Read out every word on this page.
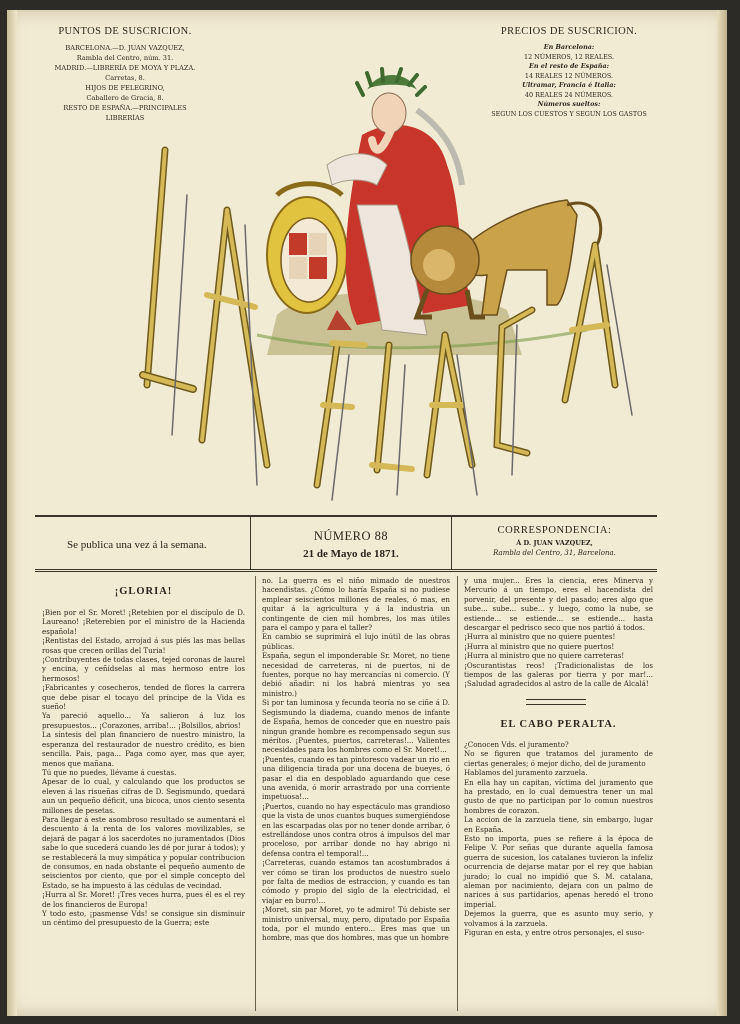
PUNTOS DE SUSCRICION.
BARCELONA.—D. JUAN VAZQUEZ,
Rambla del Centro, núm. 31.
MADRID.—LIBRERÍA DE MOYA Y PLAZA.
Carretas, 8.
HIJOS DE FELEGRINO,
Caballero de Gracia, 8.
RESTO DE ESPAÑA.—PRINCIPALES
LIBRERÍAS
PRECIOS DE SUSCRICION.
En Barcelona:
12 NÚMEROS, 12 REALES.
En el resto de España:
14 REALES 12 NÚMEROS.
Ultramar, Francia é Italia:
40 REALES 24 NÚMEROS.
Números sueltos:
SEGUN LOS CUESTOS Y SEGUN LOS GASTOS
LA FLACA
Se publica una vez á la semana.
NÚMERO 88
21 de Mayo de 1871.
CORRESPONDENCIA:
Á D. JUAN VAZQUEZ,
Rambla del Centro, 31, Barcelona.
¡GLORIA!

¡Bien por el Sr. Moret! ¡Retebien por el discípulo de D. Laureano! ¡Reterebien por el ministro de la Hacienda española!

¡Rentistas del Estado, arrojad á sus piés las mas bellas rosas que crecen orillas del Turia!

¡Contribuyentes de todas clases, tejed coronas de laurel y encina, y ceñídselas al mas hermoso entre los hermosos!

¡Fabricantes y cosecheros, tended de flores la carrera que debe pisar el tocayo del príncipe de la Vida es sueño!

Ya pareció aquello... Ya salieron á luz los presupuestos... ¡Corazones, arriba!... ¡Bolsillos, abrios!

La síntesis del plan financiero de nuestro ministro, la esperanza del restaurador de nuestro crédito, es bien sencilla. Pais, paga... Paga como ayer, mas que ayer, menos que mañana.

Tú que no puedes, llévame á cuestas.

Apesar de lo cual, y calculando que los productos se eleven á las risueñas cifras de D. Segismundo, quedará aun un pequeño déficit, una bicoca, unos ciento sesenta millones de pesetas.

Para llegar á este asombroso resultado se aumentará el descuento á la renta de los valores movilizables, se dejará de pagar á los sacerdotes no juramentados (Dios sabe lo que sucederá cuando les dé por jurar á todos); y se restablecerá la muy simpática y popular contribucion de consumos, en nada obstante el pequeño aumento de seiscientos por ciento, que por el simple concepto del Estado, se ha impuesto á las cédulas de vecindad.

¡Hurra al Sr. Moret! ¡Tres veces hurra, pues él es el rey de los financieros de Europa!

Y todo esto, ¡pasmense Vds! se consigue sin disminuir un céntimo del presupuesto de la Guerra; este

no. La guerra es el niño mimado de nuestros hacendistas. ¿Cómo lo haría España si no pudiese emplear seiscientos millones de reales, ó mas, en quitar á la agricultura y á la industria un contingente de cien mil hombres, los mas útiles para el campo y para el taller?

En cambio se suprimirá el lujo inútil de las obras públicas.

España, segun el imponderable Sr. Moret, no tiene necesidad de carreteras, ni de puertos, ni de fuentes, porque no hay mercancías ni comercio. (Y debió añadir: ni los habrá mientras yo sea ministro.)

Si por tan luminosa y fecunda teoría no se ciñe á D. Segismundo la diadema, cuando menos de infante de España, hemos de conceder que en nuestro país ningun grande hombre es recompensado segun sus méritos. ¡Puentes, puertos, carreteras!... Valientes necesidades para los hombres como el Sr. Moret!...

¡Puentes, cuando es tan pintoresco vadear un rio en una diligencia tirada por una docena de bueyes, ó pasar el dia en despoblado aguardando que cese una avenida, ó morir arrastrado por una corriente impetuosa!...

¡Puertos, cuando no hay espectáculo mas grandioso que la vista de unos cuantos buques sumergiéndose en las escarpadas olas por no tener donde arribar, ó estrellándose unos contra otros á impulsos del mar proceloso, por arribar donde no hay abrigo ni defensa contra el temporal!...

¡Carreteras, cuando estamos tan acostumbrados á ver cómo se tiran los productos de nuestro suelo por falta de medios de estraccion, y cuando es tan cómodo y propio del siglo de la electricidad, el viajar en burro!...

¡Moret, sin par Moret, yo te admiro! Tú debiste ser ministro universal, muy, pero, diputado por España toda, por el mundo entero... Eres mas que un hombre, mas que dos hombres, mas que un hombre

y una mujer... Eres la ciencia, eres Minerva y Mercurio á un tiempo, eres el hacendista del porvenir, del presente y del pasado; eres algo que sube... sube... sube... y luego, como la nube, se estiende... se estiende... se estiende... hasta descargar el pedrisco seco que nos partió á todos.

¡Hurra al ministro que no quiere puentes!

¡Hurra al ministro que no quiere puertos!

¡Hurra al ministro que no quiere carreteras!

¡Oscurantistas reos! ¡Tradicionalistas de los tiempos de las galeras por tierra y por mar!... ¡Saludad agradecidos al astro de la calle de Alcalá!

EL CABO PERALTA.

¿Conocen Vds. el juramento?

No se figuren que tratamos del juramento de ciertas generales; ó mejor dicho, del de juramento

Hablamos del juramento zarzuela.

En ella hay un capitan, víctima del juramento que ha prestado, en lo cual demuestra tener un mal gusto de que no participan por lo comun nuestros hombres de corazon.

La accion de la zarzuela tiene, sin embargo, lugar en España.

Esto no importa, pues se refiere á la época de Felipe V. Por señas que durante aquella famosa guerra de sucesion, los catalanes tuvieron la infeliz ocurrencia de dejarse matar por el rey que habian jurado; lo cual no impidió que S. M. catalana, aleman por nacimiento, dejara con un palmo de narices á sus partidarios, apenas heredó el trono imperial.

Dejemos la guerra, que es asunto muy serio, y volvamos á la zarzuela.

Figuran en esta, y entre otros personajes, el suso-
